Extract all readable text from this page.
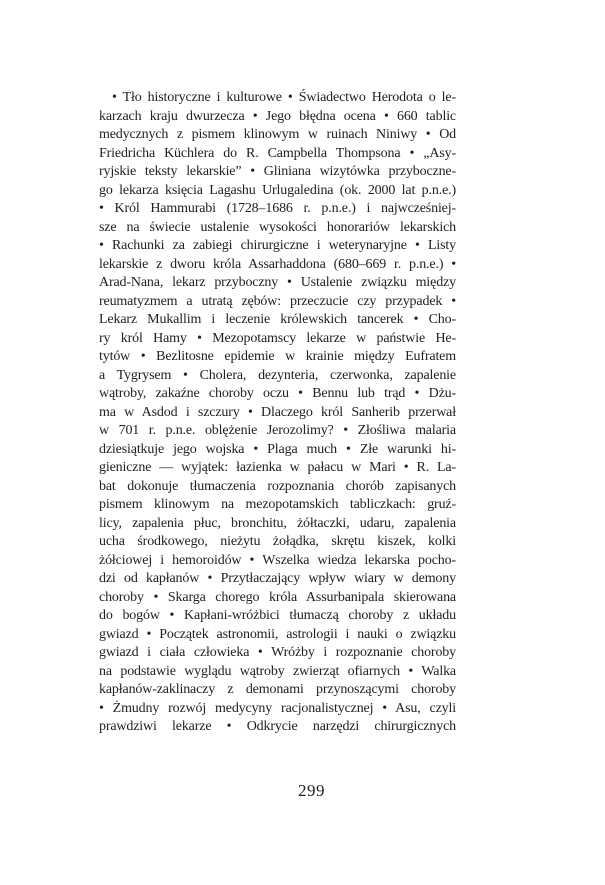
• Tło historyczne i kulturowe • Świadectwo Herodota o le-
karzach kraju dwurzecza • Jego błędna ocena • 660 tablic
medycznych z pismem klinowym w ruinach Niniwy • Od
Friedricha Küchlera do R. Campbella Thompsona • „Asy-
ryjskie teksty lekarskie” • Gliniana wizytówka przyboczne-
go lekarza księcia Lagashu Urlugaledina (ok. 2000 lat p.n.e.)
• Król Hammurabi (1728–1686 r. p.n.e.) i najwcześniej-
sze na świecie ustalenie wysokości honorariów lekarskich
• Rachunki za zabiegi chirurgiczne i weterynaryjne • Listy
lekarskie z dworu króla Assarhaddona (680–669 r. p.n.e.) •
Arad-Nana, lekarz przyboczny • Ustalenie związku między
reumatyzmem a utratą zębów: przeczucie czy przypadek •
Lekarz Mukallim i leczenie królewskich tancerek • Cho-
ry król Hamy • Mezopotamscy lekarze w państwie He-
tytów • Bezlitosne epidemie w krainie między Eufratem
a Tygrysem • Cholera, dezynteria, czerwonka, zapalenie
wątroby, zakaźne choroby oczu • Bennu lub trąd • Dżu-
ma w Asdod i szczury • Dlaczego król Sanherib przerwał
w 701 r. p.n.e. oblężenie Jerozolimy? • Złośliwa malaria
dziesiątkuje jego wojska • Plaga much • Złe warunki hi-
gieniczne — wyjątek: łazienka w pałacu w Mari • R. La-
bat dokonuje tłumaczenia rozpoznania chorób zapisanych
pismem klinowym na mezopotamskich tabliczkach: gruź-
licy, zapalenia płuc, bronchitu, żółtaczki, udaru, zapalenia
ucha środkowego, nieżytu żołądka, skrętu kiszek, kolki
żółciowej i hemoroidów • Wszelka wiedza lekarska pocho-
dzi od kapłanów • Przytłaczający wpływ wiary w demony
choroby • Skarga chorego króla Assurbanipala skierowana
do bogów • Kapłani-wróżbici tłumaczą choroby z układu
gwiazd • Początek astronomii, astrologii i nauki o związku
gwiazd i ciała człowieka • Wróżby i rozpoznanie choroby
na podstawie wyglądu wątroby zwierząt ofiarnych • Walka
kapłanów-zaklinaczy z demonami przynoszącymi choroby
• Żmudny rozwój medycyny racjonalistycznej • Asu, czyli
prawdziwi lekarze • Odkrycie narzędzi chirurgicznych
299
